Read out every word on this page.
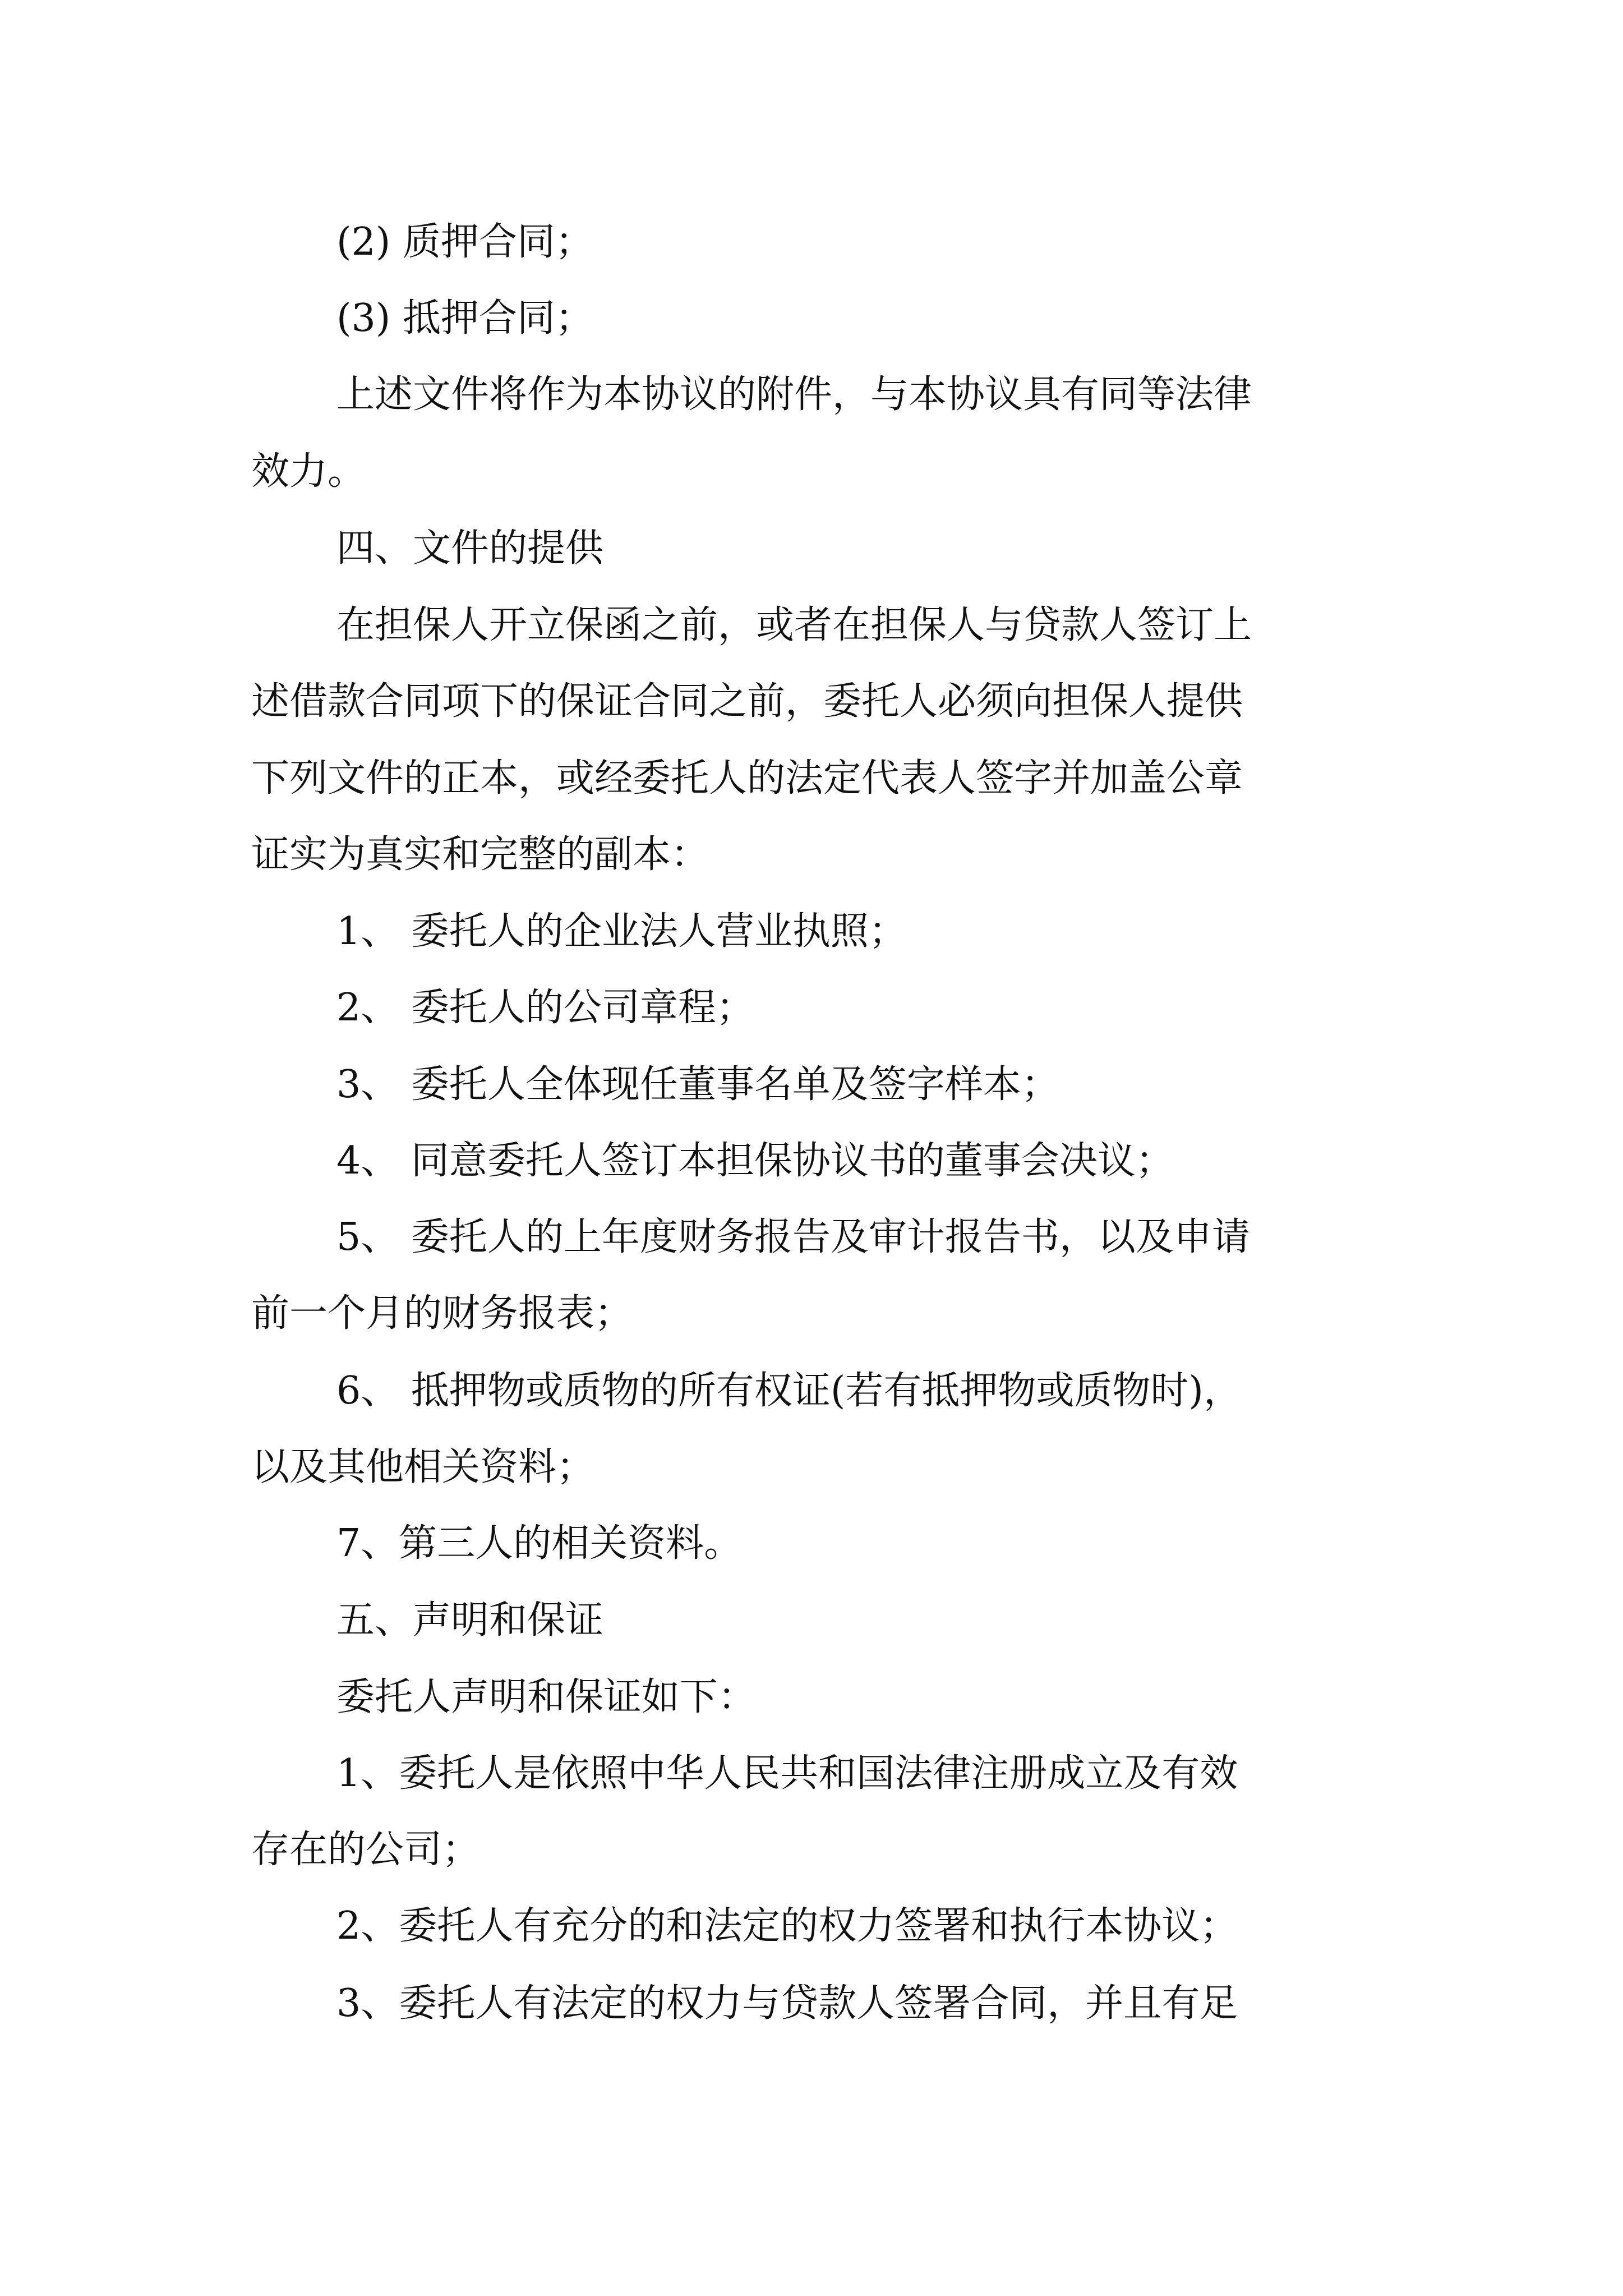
(2) 质押合同；
(3) 抵押合同；
上述文件将作为本协议的附件，与本协议具有同等法律
效力。
四、文件的提供
在担保人开立保函之前，或者在担保人与贷款人签订上
述借款合同项下的保证合同之前，委托人必须向担保人提供
下列文件的正本，或经委托人的法定代表人签字并加盖公章
证实为真实和完整的副本：
1、 委托人的企业法人营业执照；
2、 委托人的公司章程；
3、 委托人全体现任董事名单及签字样本；
4、 同意委托人签订本担保协议书的董事会决议；
5、 委托人的上年度财务报告及审计报告书，以及申请
前一个月的财务报表；
6、 抵押物或质物的所有权证(若有抵押物或质物时)，
以及其他相关资料；
7、第三人的相关资料。
五、声明和保证
委托人声明和保证如下：
1、委托人是依照中华人民共和国法律注册成立及有效
存在的公司；
2、委托人有充分的和法定的权力签署和执行本协议；
3、委托人有法定的权力与贷款人签署合同，并且有足
